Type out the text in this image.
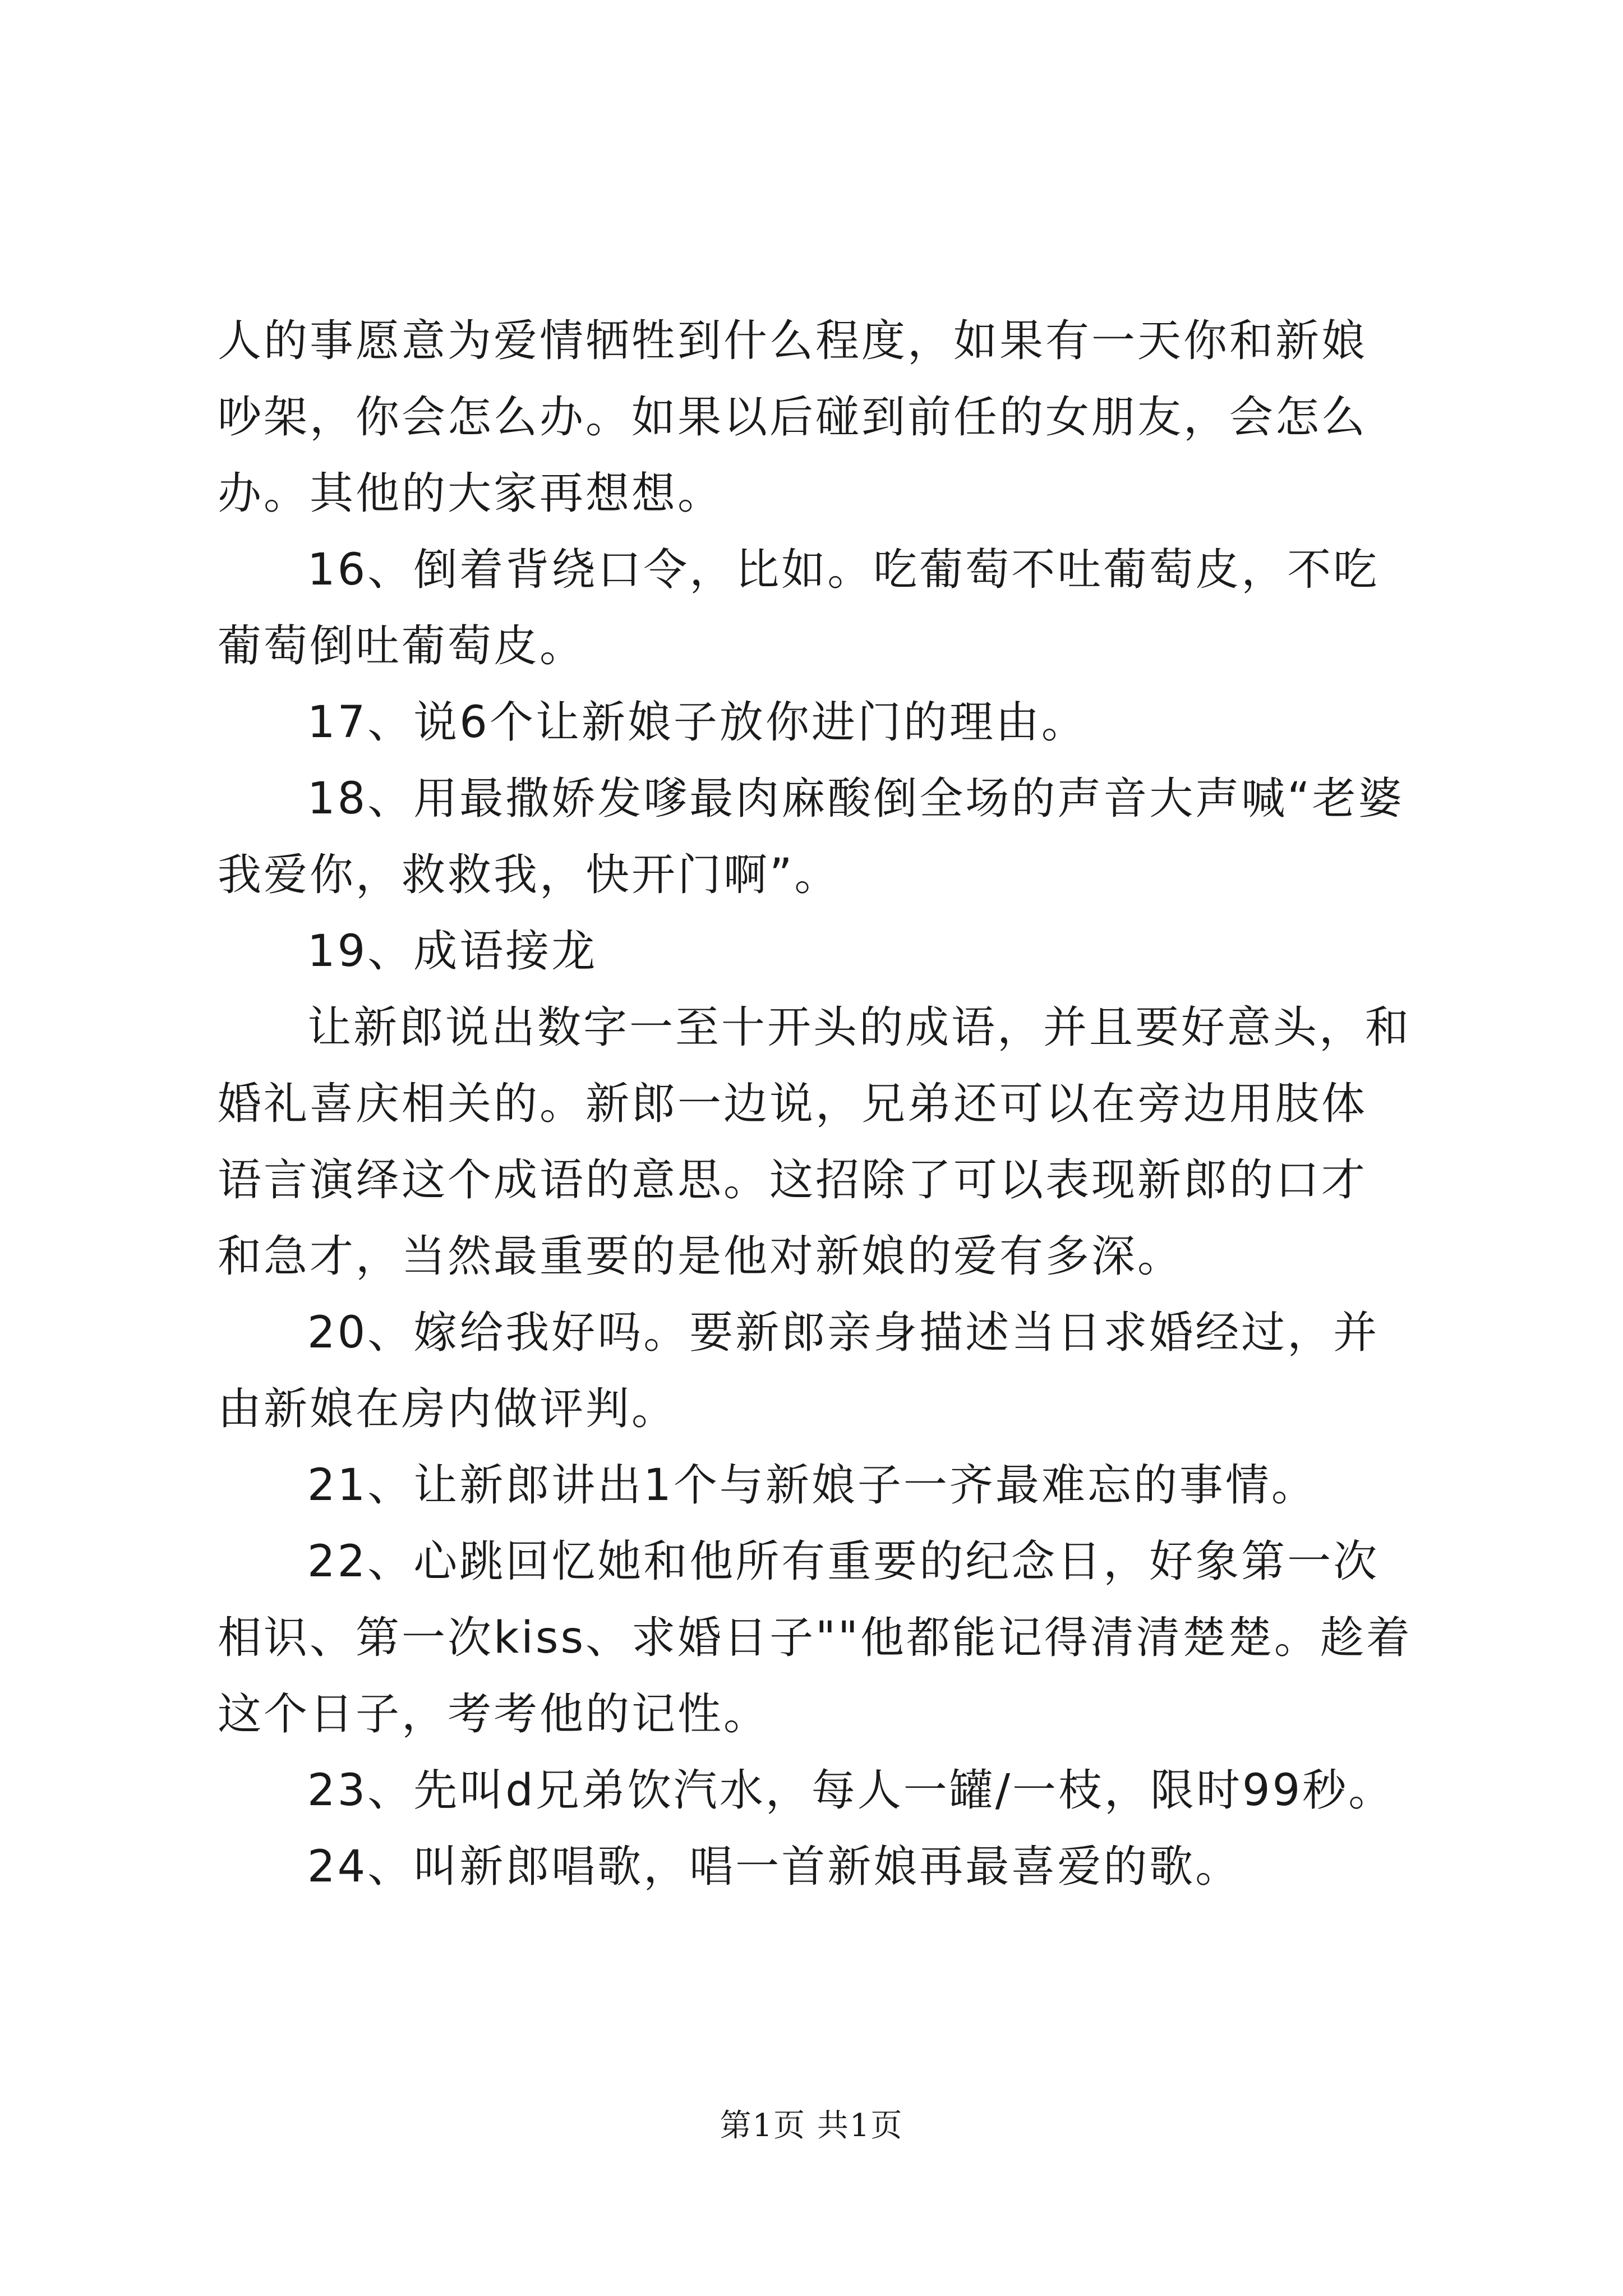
人的事愿意为爱情牺牲到什么程度，如果有一天你和新娘吵架，你会怎么办。如果以后碰到前任的女朋友，会怎么办。其他的大家再想想。

16、倒着背绕口令，比如。吃葡萄不吐葡萄皮，不吃葡萄倒吐葡萄皮。

17、说6个让新娘子放你进门的理由。

18、用最撒娇发嗲最肉麻酸倒全场的声音大声喊“老婆我爱你，救救我，快开门啊”。

19、成语接龙

让新郎说出数字一至十开头的成语，并且要好意头，和婚礼喜庆相关的。新郎一边说，兄弟还可以在旁边用肢体语言演绎这个成语的意思。这招除了可以表现新郎的口才和急才，当然最重要的是他对新娘的爱有多深。

20、嫁给我好吗。要新郎亲身描述当日求婚经过，并由新娘在房内做评判。

21、让新郎讲出1个与新娘子一齐最难忘的事情。

22、心跳回忆她和他所有重要的纪念日，好象第一次相识、第一次kiss、求婚日子""他都能记得清清楚楚。趁着这个日子，考考他的记性。

23、先叫d兄弟饮汽水，每人一罐/一枝，限时99秒。

24、叫新郎唱歌，唱一首新娘再最喜爱的歌。

第1页 共1页
